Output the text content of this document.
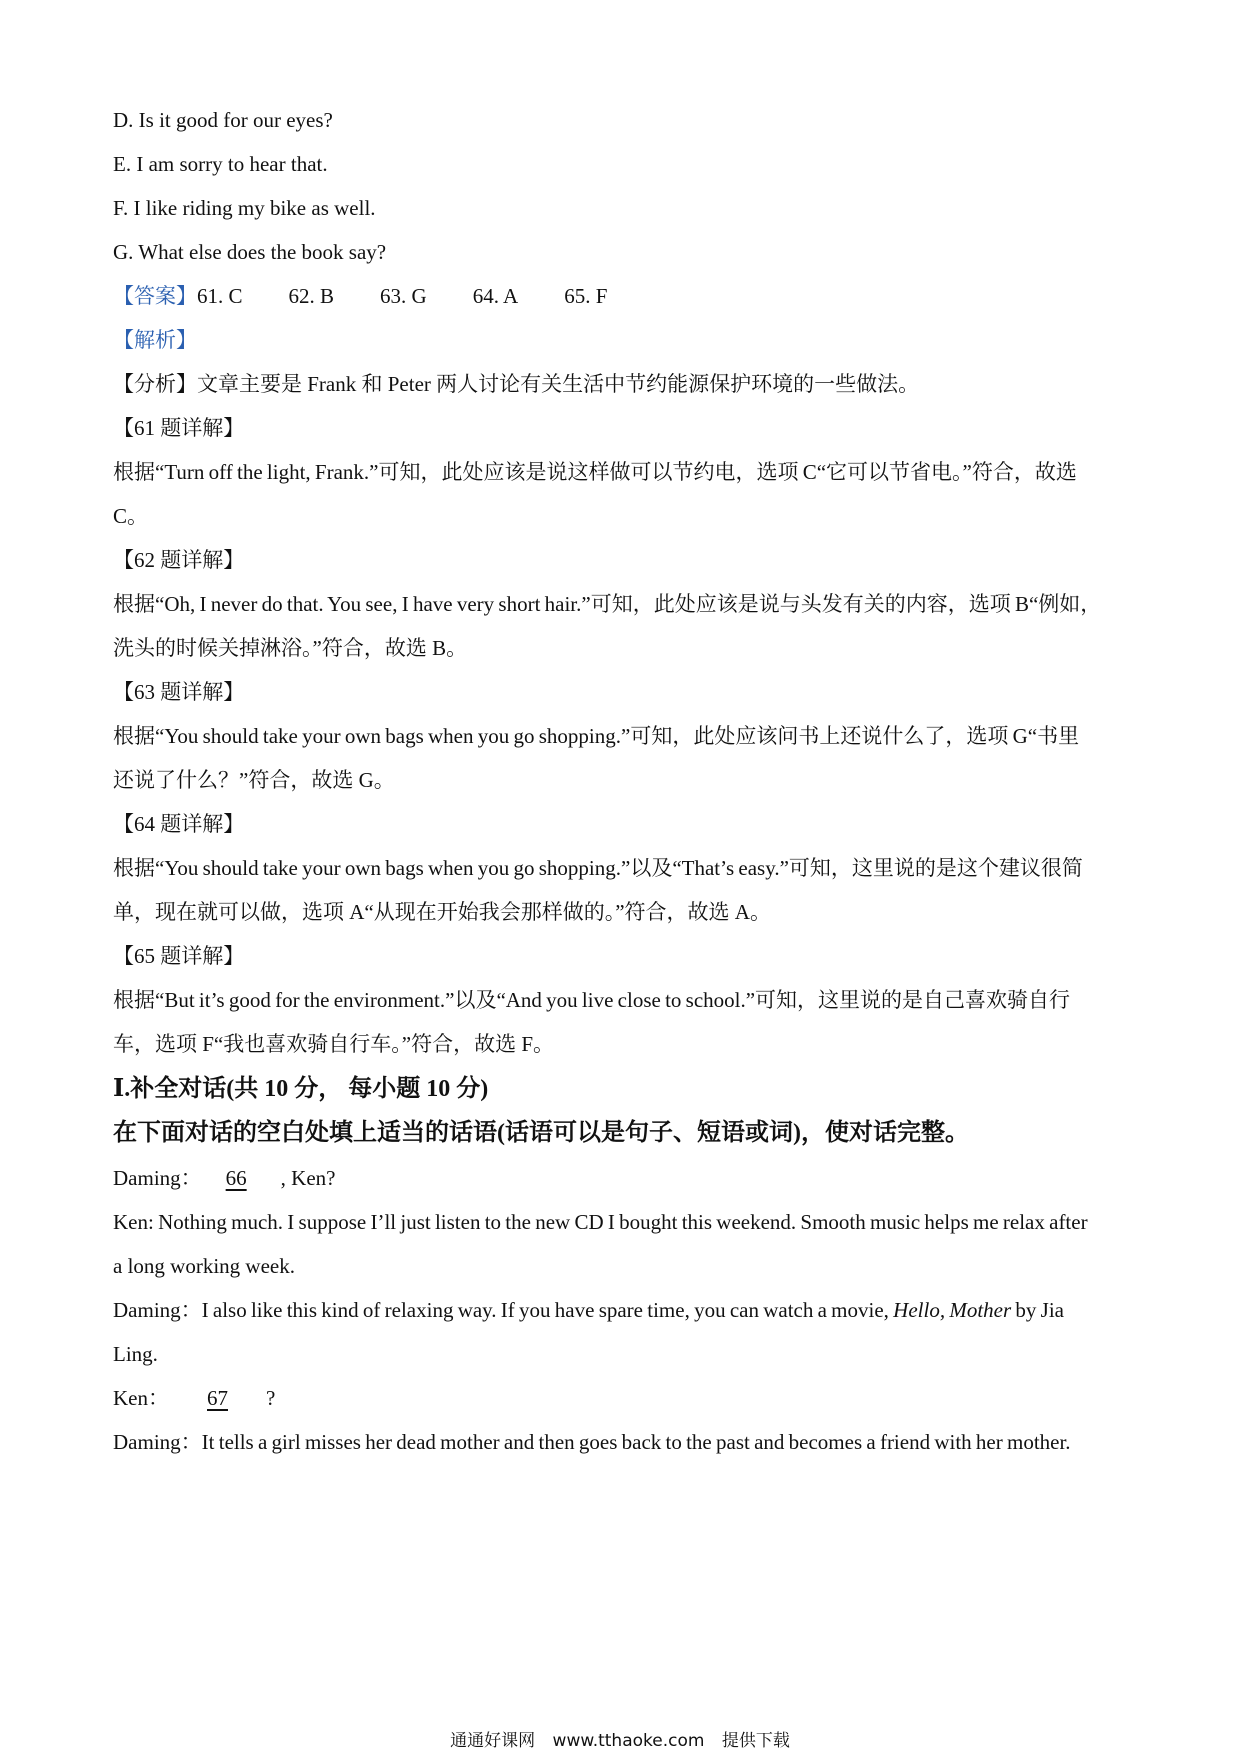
D. Is it good for our eyes?
E. I am sorry to hear that.
F. I like riding my bike as well.
G. What else does the book say?
【答案】61. C 62. B 63. G 64. A 65. F
【解析】
【分析】文章主要是 Frank 和 Peter 两人讨论有关生活中节约能源保护环境的一些做法。
【61 题详解】
根据“Turn off the light, Frank.”可知，此处应该是说这样做可以节约电，选项 C“它可以节省电。”符合，故选
C。
【62 题详解】
根据“Oh, I never do that. You see, I have very short hair.”可知，此处应该是说与头发有关的内容，选项 B“例如，
洗头的时候关掉淋浴。”符合，故选 B。
【63 题详解】
根据“You should take your own bags when you go shopping.”可知，此处应该问书上还说什么了，选项 G“书里
还说了什么？”符合，故选 G。
【64 题详解】
根据“You should take your own bags when you go shopping.”以及“That’s easy.”可知，这里说的是这个建议很简
单，现在就可以做，选项 A“从现在开始我会那样做的。”符合，故选 A。
【65 题详解】
根据“But it’s good for the environment.”以及“And you live close to school.”可知，这里说的是自己喜欢骑自行
车，选项 F“我也喜欢骑自行车。”符合，故选 F。
Ⅰ.补全对话(共 10 分， 每小题 10 分)
在下面对话的空白处填上适当的话语(话语可以是句子、短语或词)，使对话完整。
Daming： 66 , Ken?
Ken: Nothing much. I suppose I’ll just listen to the new CD I bought this weekend. Smooth music helps me relax after
a long working week.
Daming：I also like this kind of relaxing way. If you have spare time, you can watch a movie, Hello, Mother by Jia
Ling.
Ken： 67 ?
Daming：It tells a girl misses her dead mother and then goes back to the past and becomes a friend with her mother.
通通好课网 www.tthaoke.com 提供下载
